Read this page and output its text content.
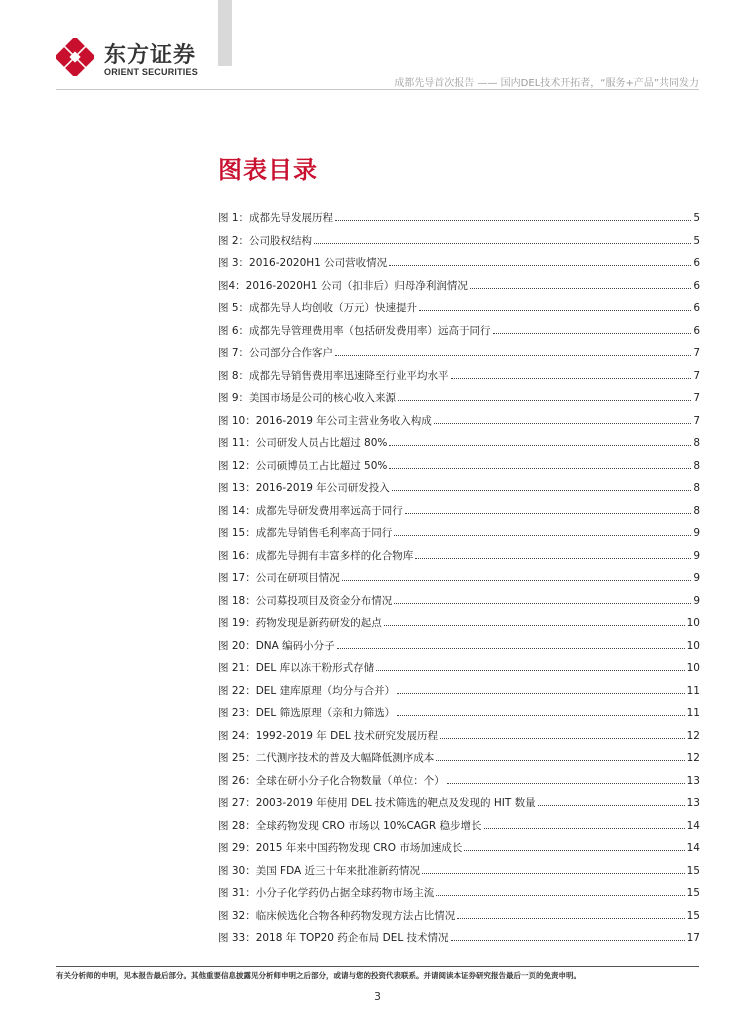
东方证券
ORIENT SECURITIES
成都先导首次报告 —— 国内DEL技术开拓者，“服务+产品”共同发力
图表目录
图 1：成都先导发展历程	5
图 2：公司股权结构	5
图 3：2016-2020H1 公司营收情况	6
图4：2016-2020H1 公司（扣非后）归母净利润情况	6
图 5：成都先导人均创收（万元）快速提升	6
图 6：成都先导管理费用率（包括研发费用率）远高于同行	6
图 7：公司部分合作客户	7
图 8：成都先导销售费用率迅速降至行业平均水平	7
图 9：美国市场是公司的核心收入来源	7
图 10：2016-2019 年公司主营业务收入构成	7
图 11：公司研发人员占比超过 80%	8
图 12：公司硕博员工占比超过 50%	8
图 13：2016-2019 年公司研发投入	8
图 14：成都先导研发费用率远高于同行	8
图 15：成都先导销售毛利率高于同行	9
图 16：成都先导拥有丰富多样的化合物库	9
图 17：公司在研项目情况	9
图 18：公司募投项目及资金分布情况	9
图 19：药物发现是新药研发的起点	10
图 20：DNA 编码小分子	10
图 21：DEL 库以冻干粉形式存储	10
图 22：DEL 建库原理（均分与合并）	11
图 23：DEL 筛选原理（亲和力筛选）	11
图 24：1992-2019 年 DEL 技术研究发展历程	12
图 25：二代测序技术的普及大幅降低测序成本	12
图 26：全球在研小分子化合物数量（单位：个）	13
图 27：2003-2019 年使用 DEL 技术筛选的靶点及发现的 HIT 数量	13
图 28：全球药物发现 CRO 市场以 10%CAGR 稳步增长	14
图 29：2015 年来中国药物发现 CRO 市场加速成长	14
图 30：美国 FDA 近三十年来批准新药情况	15
图 31：小分子化学药仍占据全球药物市场主流	15
图 32：临床候选化合物各种药物发现方法占比情况	15
图 33：2018 年 TOP20 药企布局 DEL 技术情况	17
有关分析师的申明，见本报告最后部分。其他重要信息披露见分析师申明之后部分，或请与您的投资代表联系。并请阅读本证券研究报告最后一页的免责申明。
3
